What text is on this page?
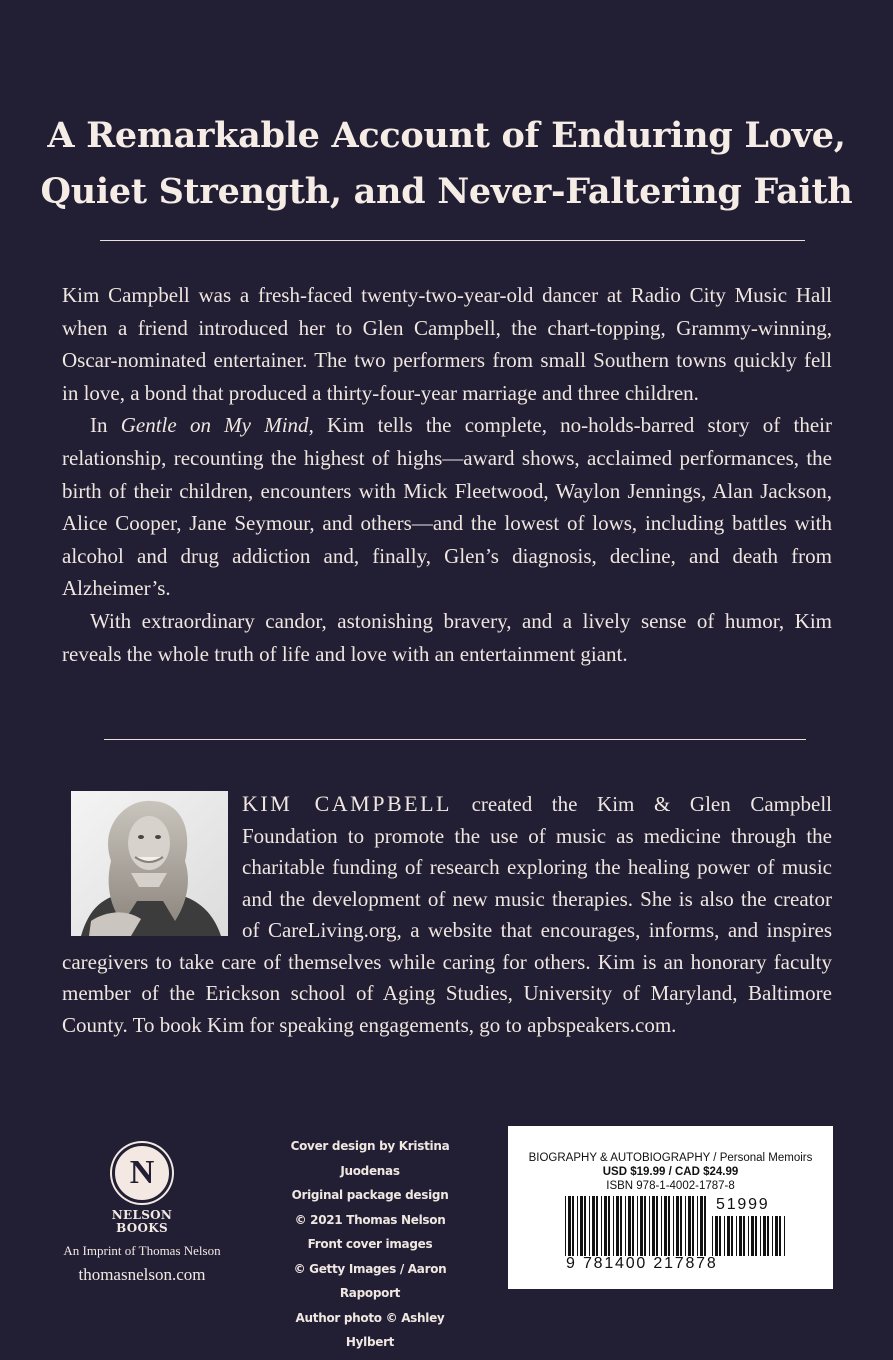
A Remarkable Account of Enduring Love,
Quiet Strength, and Never-Faltering Faith

Kim Campbell was a fresh-faced twenty-two-year-old dancer at Radio City Music Hall when a friend introduced her to Glen Campbell, the chart-topping, Grammy-winning, Oscar-nominated entertainer. The two performers from small Southern towns quickly fell in love, a bond that produced a thirty-four-year marriage and three children.

In Gentle on My Mind, Kim tells the complete, no-holds-barred story of their relationship, recounting the highest of highs—award shows, acclaimed performances, the birth of their children, encounters with Mick Fleetwood, Waylon Jennings, Alan Jackson, Alice Cooper, Jane Seymour, and others—and the lowest of lows, including battles with alcohol and drug addiction and, finally, Glen’s diagnosis, decline, and death from Alzheimer’s.

With extraordinary candor, astonishing bravery, and a lively sense of humor, Kim reveals the whole truth of life and love with an entertainment giant.

KIM CAMPBELL created the Kim & Glen Campbell Foundation to promote the use of music as medicine through the charitable funding of research exploring the healing power of music and the development of new music therapies. She is also the creator of CareLiving.org, a website that encourages, informs, and inspires caregivers to take care of themselves while caring for others. Kim is an honorary faculty member of the Erickson school of Aging Studies, University of Maryland, Baltimore County. To book Kim for speaking engagements, go to apbspeakers.com.
N
NELSON
BOOKS
An Imprint of Thomas Nelson
thomasnelson.com
Cover design by Kristina Juodenas
Original package design
© 2021 Thomas Nelson
Front cover images
© Getty Images / Aaron Rapoport
Author photo © Ashley Hylbert
BIOGRAPHY & AUTOBIOGRAPHY / Personal Memoirs
USD $19.99 / CAD $24.99
ISBN 978-1-4002-1787-8
51999
9 781400 217878
